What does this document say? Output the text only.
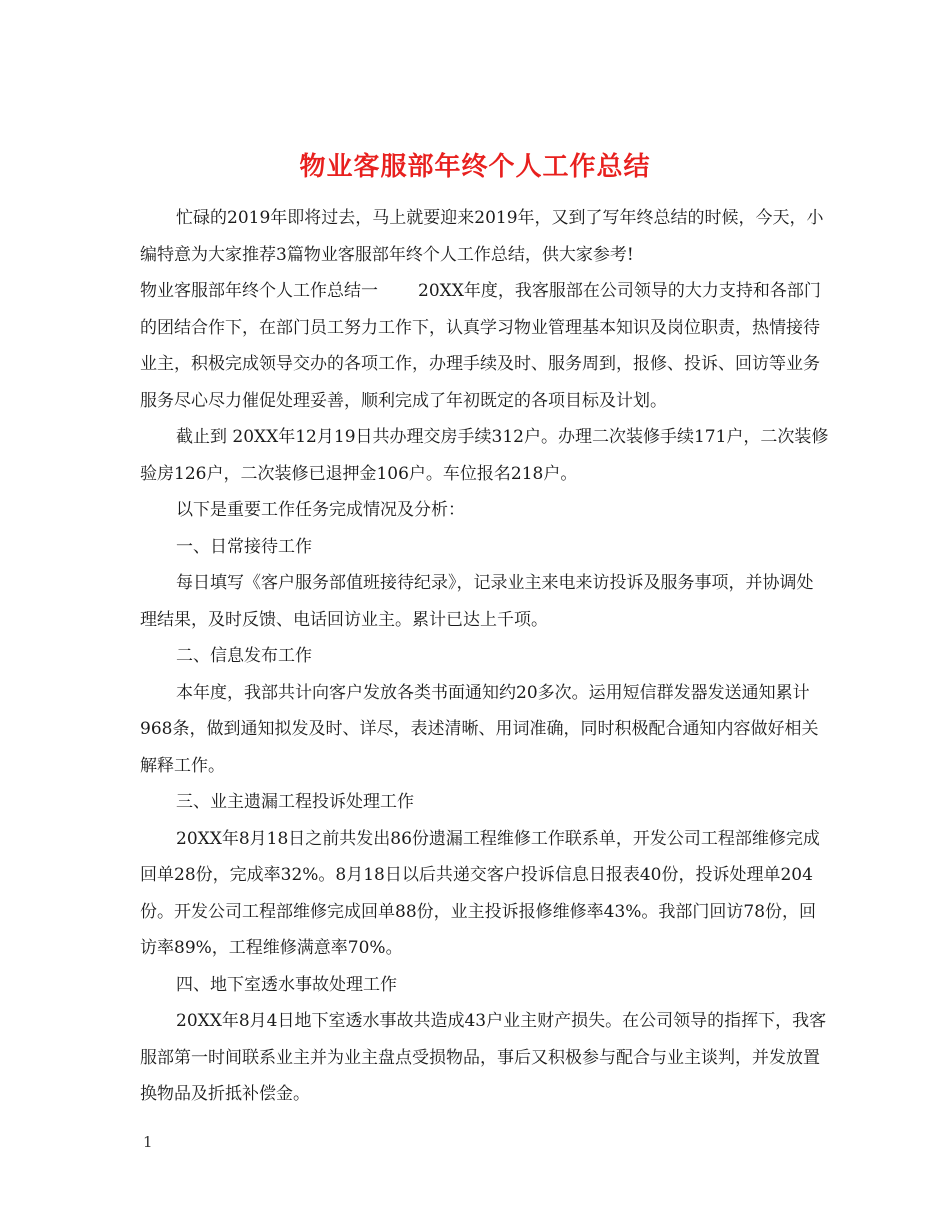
物业客服部年终个人工作总结

忙碌的2019年即将过去，马上就要迎来2019年，又到了写年终总结的时候，今天，小编特意为大家推荐3篇物业客服部年终个人工作总结，供大家参考!

物业客服部年终个人工作总结一 20XX年度，我客服部在公司领导的大力支持和各部门的团结合作下，在部门员工努力工作下，认真学习物业管理基本知识及岗位职责，热情接待业主，积极完成领导交办的各项工作，办理手续及时、服务周到，报修、投诉、回访等业务服务尽心尽力催促处理妥善，顺利完成了年初既定的各项目标及计划。

截止到 20XX年12月19日共办理交房手续312户。办理二次装修手续171户，二次装修验房126户，二次装修已退押金106户。车位报名218户。

以下是重要工作任务完成情况及分析：

一、日常接待工作

每日填写《客户服务部值班接待纪录》，记录业主来电来访投诉及服务事项，并协调处理结果，及时反馈、电话回访业主。累计已达上千项。

二、信息发布工作

本年度，我部共计向客户发放各类书面通知约20多次。运用短信群发器发送通知累计968条，做到通知拟发及时、详尽，表述清晰、用词准确，同时积极配合通知内容做好相关解释工作。

三、业主遗漏工程投诉处理工作

20XX年8月18日之前共发出86份遗漏工程维修工作联系单，开发公司工程部维修完成回单28份，完成率32%。8月18日以后共递交客户投诉信息日报表40份，投诉处理单204份。开发公司工程部维修完成回单88份，业主投诉报修维修率43%。我部门回访78份，回访率89%，工程维修满意率70%。

四、地下室透水事故处理工作

20XX年8月4日地下室透水事故共造成43户业主财产损失。在公司领导的指挥下，我客服部第一时间联系业主并为业主盘点受损物品，事后又积极参与配合与业主谈判，并发放置换物品及折抵补偿金。

1
